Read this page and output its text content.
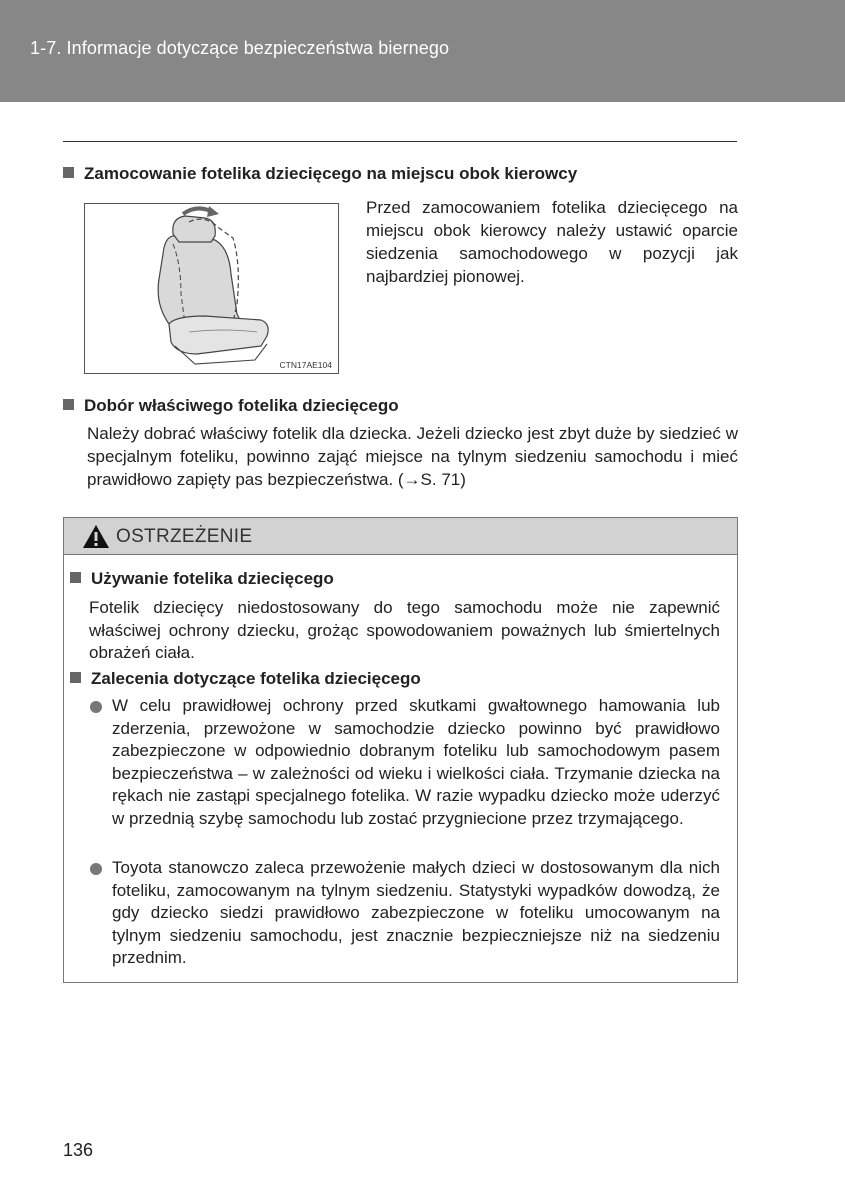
1-7. Informacje dotyczące bezpieczeństwa biernego
Zamocowanie fotelika dziecięcego na miejscu obok kierowcy
CTN17AE104
Przed zamocowaniem fotelika dziecięcego na miejscu obok kierowcy należy ustawić oparcie siedzenia samochodowego w pozycji jak najbardziej pionowej.
Dobór właściwego fotelika dziecięcego
Należy dobrać właściwy fotelik dla dziecka. Jeżeli dziecko jest zbyt duże by siedzieć w specjalnym foteliku, powinno zająć miejsce na tylnym siedzeniu samochodu i mieć prawidłowo zapięty pas bezpieczeństwa. (→S. 71)
OSTRZEŻENIE
Używanie fotelika dziecięcego
Fotelik dziecięcy niedostosowany do tego samochodu może nie zapewnić właściwej ochrony dziecku, grożąc spowodowaniem poważnych lub śmiertelnych obrażeń ciała.
Zalecenia dotyczące fotelika dziecięcego
W celu prawidłowej ochrony przed skutkami gwałtownego hamowania lub zderzenia, przewożone w samochodzie dziecko powinno być prawidłowo zabezpieczone w odpowiednio dobranym foteliku lub samochodowym pasem bezpieczeństwa – w zależności od wieku i wielkości ciała. Trzymanie dziecka na rękach nie zastąpi specjalnego fotelika. W razie wypadku dziecko może uderzyć w przednią szybę samochodu lub zostać przygniecione przez trzymającego.
Toyota stanowczo zaleca przewożenie małych dzieci w dostosowanym dla nich foteliku, zamocowanym na tylnym siedzeniu. Statystyki wypadków dowodzą, że gdy dziecko siedzi prawidłowo zabezpieczone w foteliku umocowanym na tylnym siedzeniu samochodu, jest znacznie bezpieczniejsze niż na siedzeniu przednim.
136
